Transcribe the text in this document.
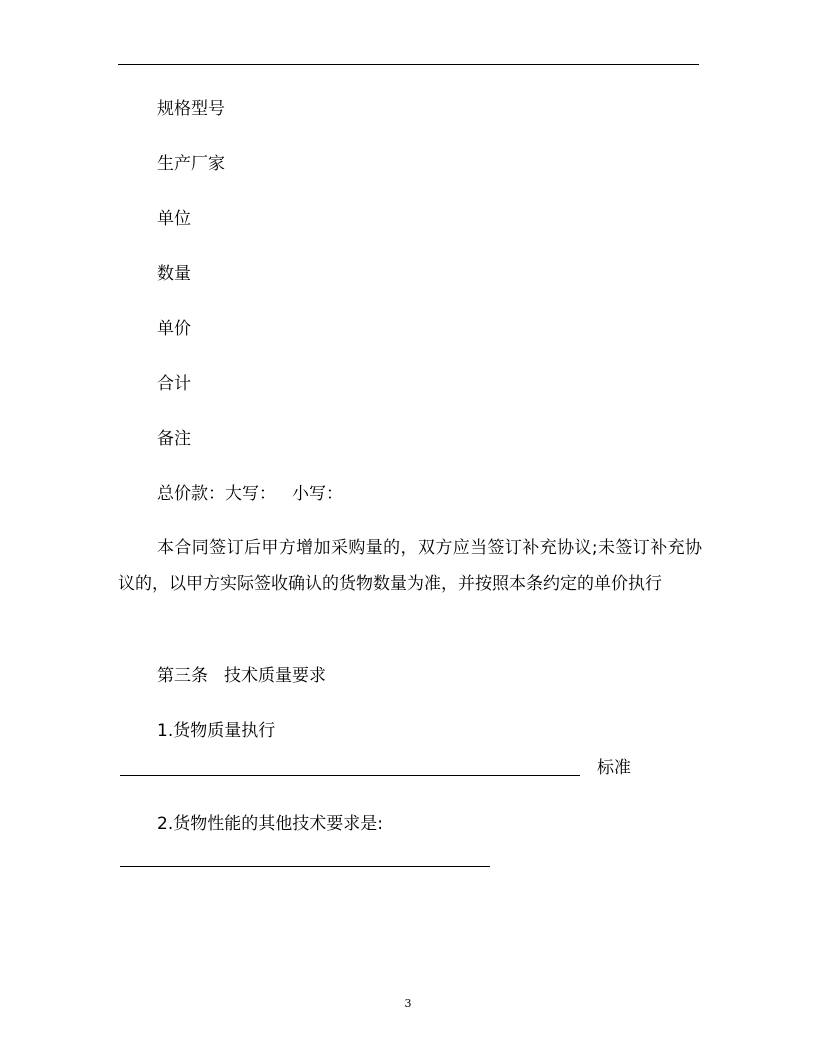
规格型号
生产厂家
单位
数量
单价
合计
备注
总价款：大写： 小写：
本合同签订后甲方增加采购量的，双方应当签订补充协议;未签订补充协议的，以甲方实际签收确认的货物数量为准，并按照本条约定的单价执行
第三条 技术质量要求
1.货物质量执行
标准
2.货物性能的其他技术要求是:
3
